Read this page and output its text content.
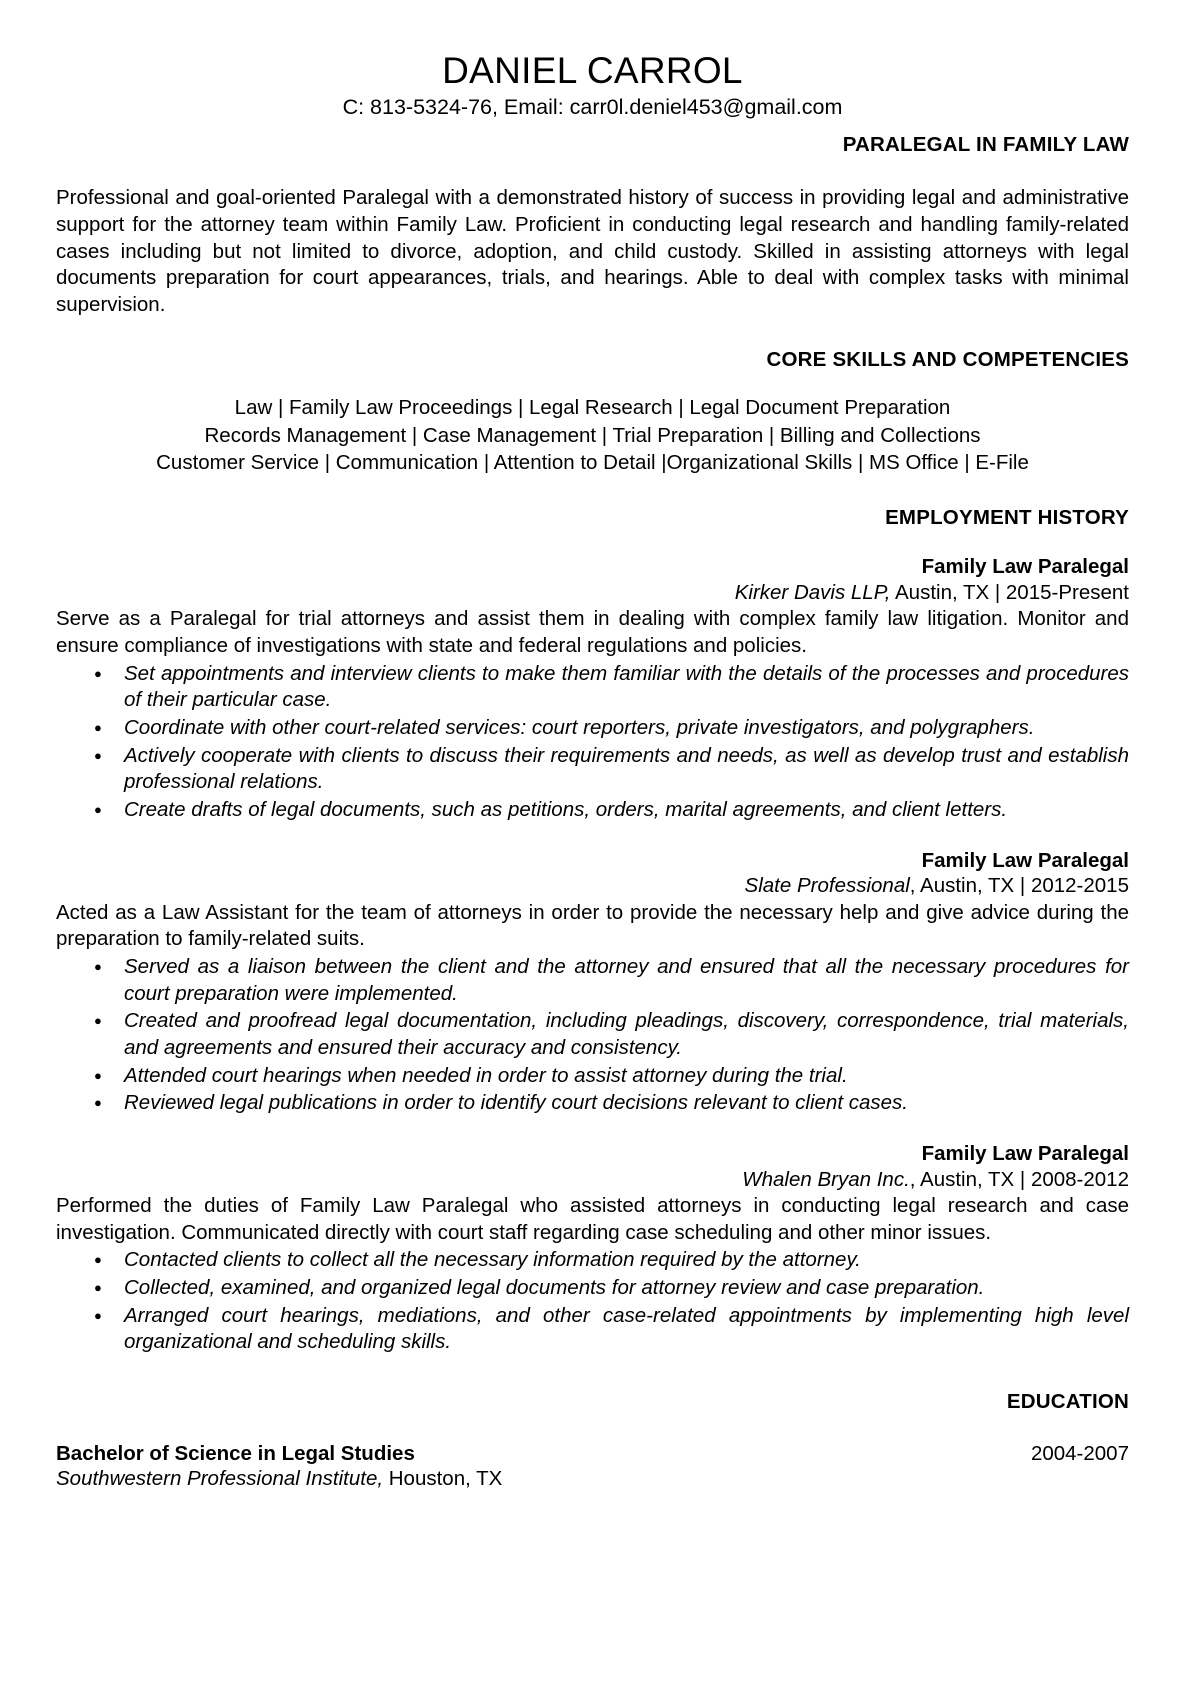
DANIEL CARROL
C: 813-5324-76, Email: carr0l.deniel453@gmail.com
PARALEGAL IN FAMILY LAW
Professional and goal-oriented Paralegal with a demonstrated history of success in providing legal and administrative support for the attorney team within Family Law. Proficient in conducting legal research and handling family-related cases including but not limited to divorce, adoption, and child custody. Skilled in assisting attorneys with legal documents preparation for court appearances, trials, and hearings. Able to deal with complex tasks with minimal supervision.
CORE SKILLS AND COMPETENCIES
Law | Family Law Proceedings | Legal Research | Legal Document Preparation
Records Management | Case Management | Trial Preparation | Billing and Collections
Customer Service | Communication | Attention to Detail |Organizational Skills | MS Office | E-File
EMPLOYMENT HISTORY
Family Law Paralegal
Kirker Davis LLP, Austin, TX | 2015-Present
Serve as a Paralegal for trial attorneys and assist them in dealing with complex family law litigation. Monitor and ensure compliance of investigations with state and federal regulations and policies.
● Set appointments and interview clients to make them familiar with the details of the processes and procedures of their particular case.
● Coordinate with other court-related services: court reporters, private investigators, and polygraphers.
● Actively cooperate with clients to discuss their requirements and needs, as well as develop trust and establish professional relations.
● Create drafts of legal documents, such as petitions, orders, marital agreements, and client letters.
Family Law Paralegal
Slate Professional, Austin, TX | 2012-2015
Acted as a Law Assistant for the team of attorneys in order to provide the necessary help and give advice during the preparation to family-related suits.
● Served as a liaison between the client and the attorney and ensured that all the necessary procedures for court preparation were implemented.
● Created and proofread legal documentation, including pleadings, discovery, correspondence, trial materials, and agreements and ensured their accuracy and consistency.
● Attended court hearings when needed in order to assist attorney during the trial.
● Reviewed legal publications in order to identify court decisions relevant to client cases.
Family Law Paralegal
Whalen Bryan Inc., Austin, TX | 2008-2012
Performed the duties of Family Law Paralegal who assisted attorneys in conducting legal research and case investigation. Communicated directly with court staff regarding case scheduling and other minor issues.
● Contacted clients to collect all the necessary information required by the attorney.
● Collected, examined, and organized legal documents for attorney review and case preparation.
● Arranged court hearings, mediations, and other case-related appointments by implementing high level organizational and scheduling skills.
EDUCATION
Bachelor of Science in Legal Studies	2004-2007
Southwestern Professional Institute, Houston, TX
